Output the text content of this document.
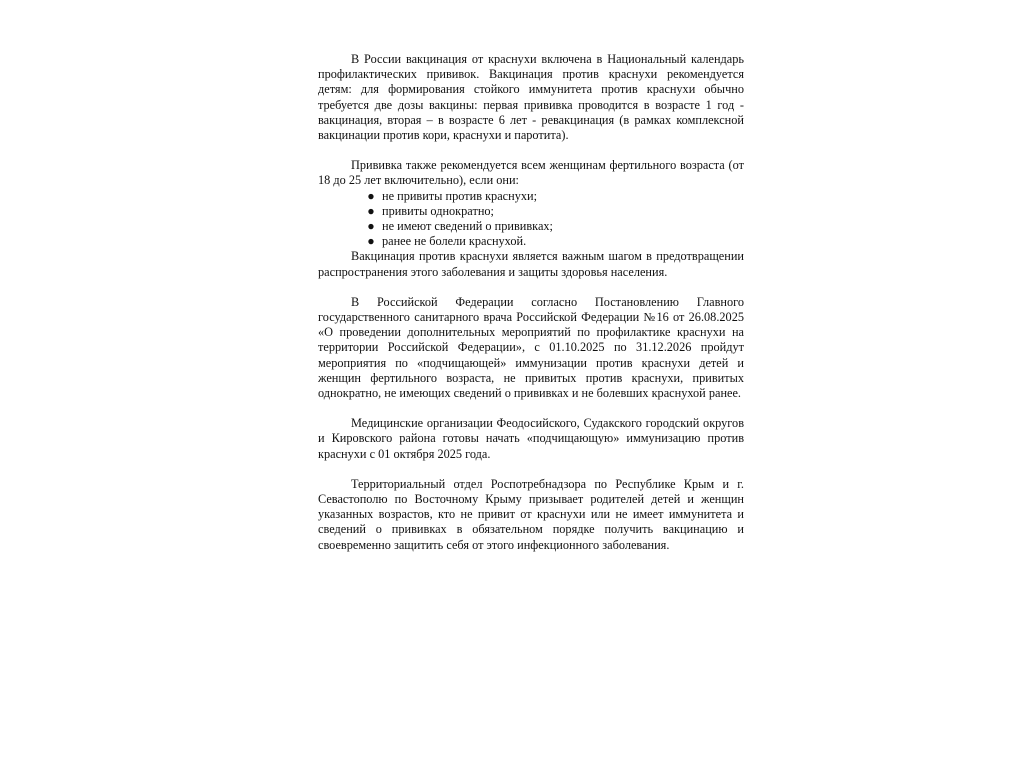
В России вакцинация от краснухи включена в Национальный календарь профилактических прививок. Вакцинация против краснухи рекомендуется детям: для формирования стойкого иммунитета против краснухи обычно требуется две дозы вакцины: первая прививка проводится в возрасте 1 год - вакцинация, вторая – в возрасте 6 лет - ревакцинация (в рамках комплексной вакцинации против кори, краснухи и паротита).

Прививка также рекомендуется всем женщинам фертильного возраста (от 18 до 25 лет включительно), если они:

● не привиты против краснухи;
● привиты однократно;
● не имеют сведений о прививках;
● ранее не болели краснухой.

Вакцинация против краснухи является важным шагом в предотвращении распространения этого заболевания и защиты здоровья населения.

В Российской Федерации согласно Постановлению Главного государственного санитарного врача Российской Федерации №16 от 26.08.2025 «О проведении дополнительных мероприятий по профилактике краснухи на территории Российской Федерации», с 01.10.2025 по 31.12.2026 пройдут мероприятия по «подчищающей» иммунизации против краснухи детей и женщин фертильного возраста, не привитых против краснухи, привитых однократно, не имеющих сведений о прививках и не болевших краснухой ранее.

Медицинские организации Феодосийского, Судакского городский округов и Кировского района готовы начать «подчищающую» иммунизацию против краснухи с 01 октября 2025 года.

Территориальный отдел Роспотребнадзора по Республике Крым и г. Севастополю по Восточному Крыму призывает родителей детей и женщин указанных возрастов, кто не привит от краснухи или не имеет иммунитета и сведений о прививках в обязательном порядке получить вакцинацию и своевременно защитить себя от этого инфекционного заболевания.
